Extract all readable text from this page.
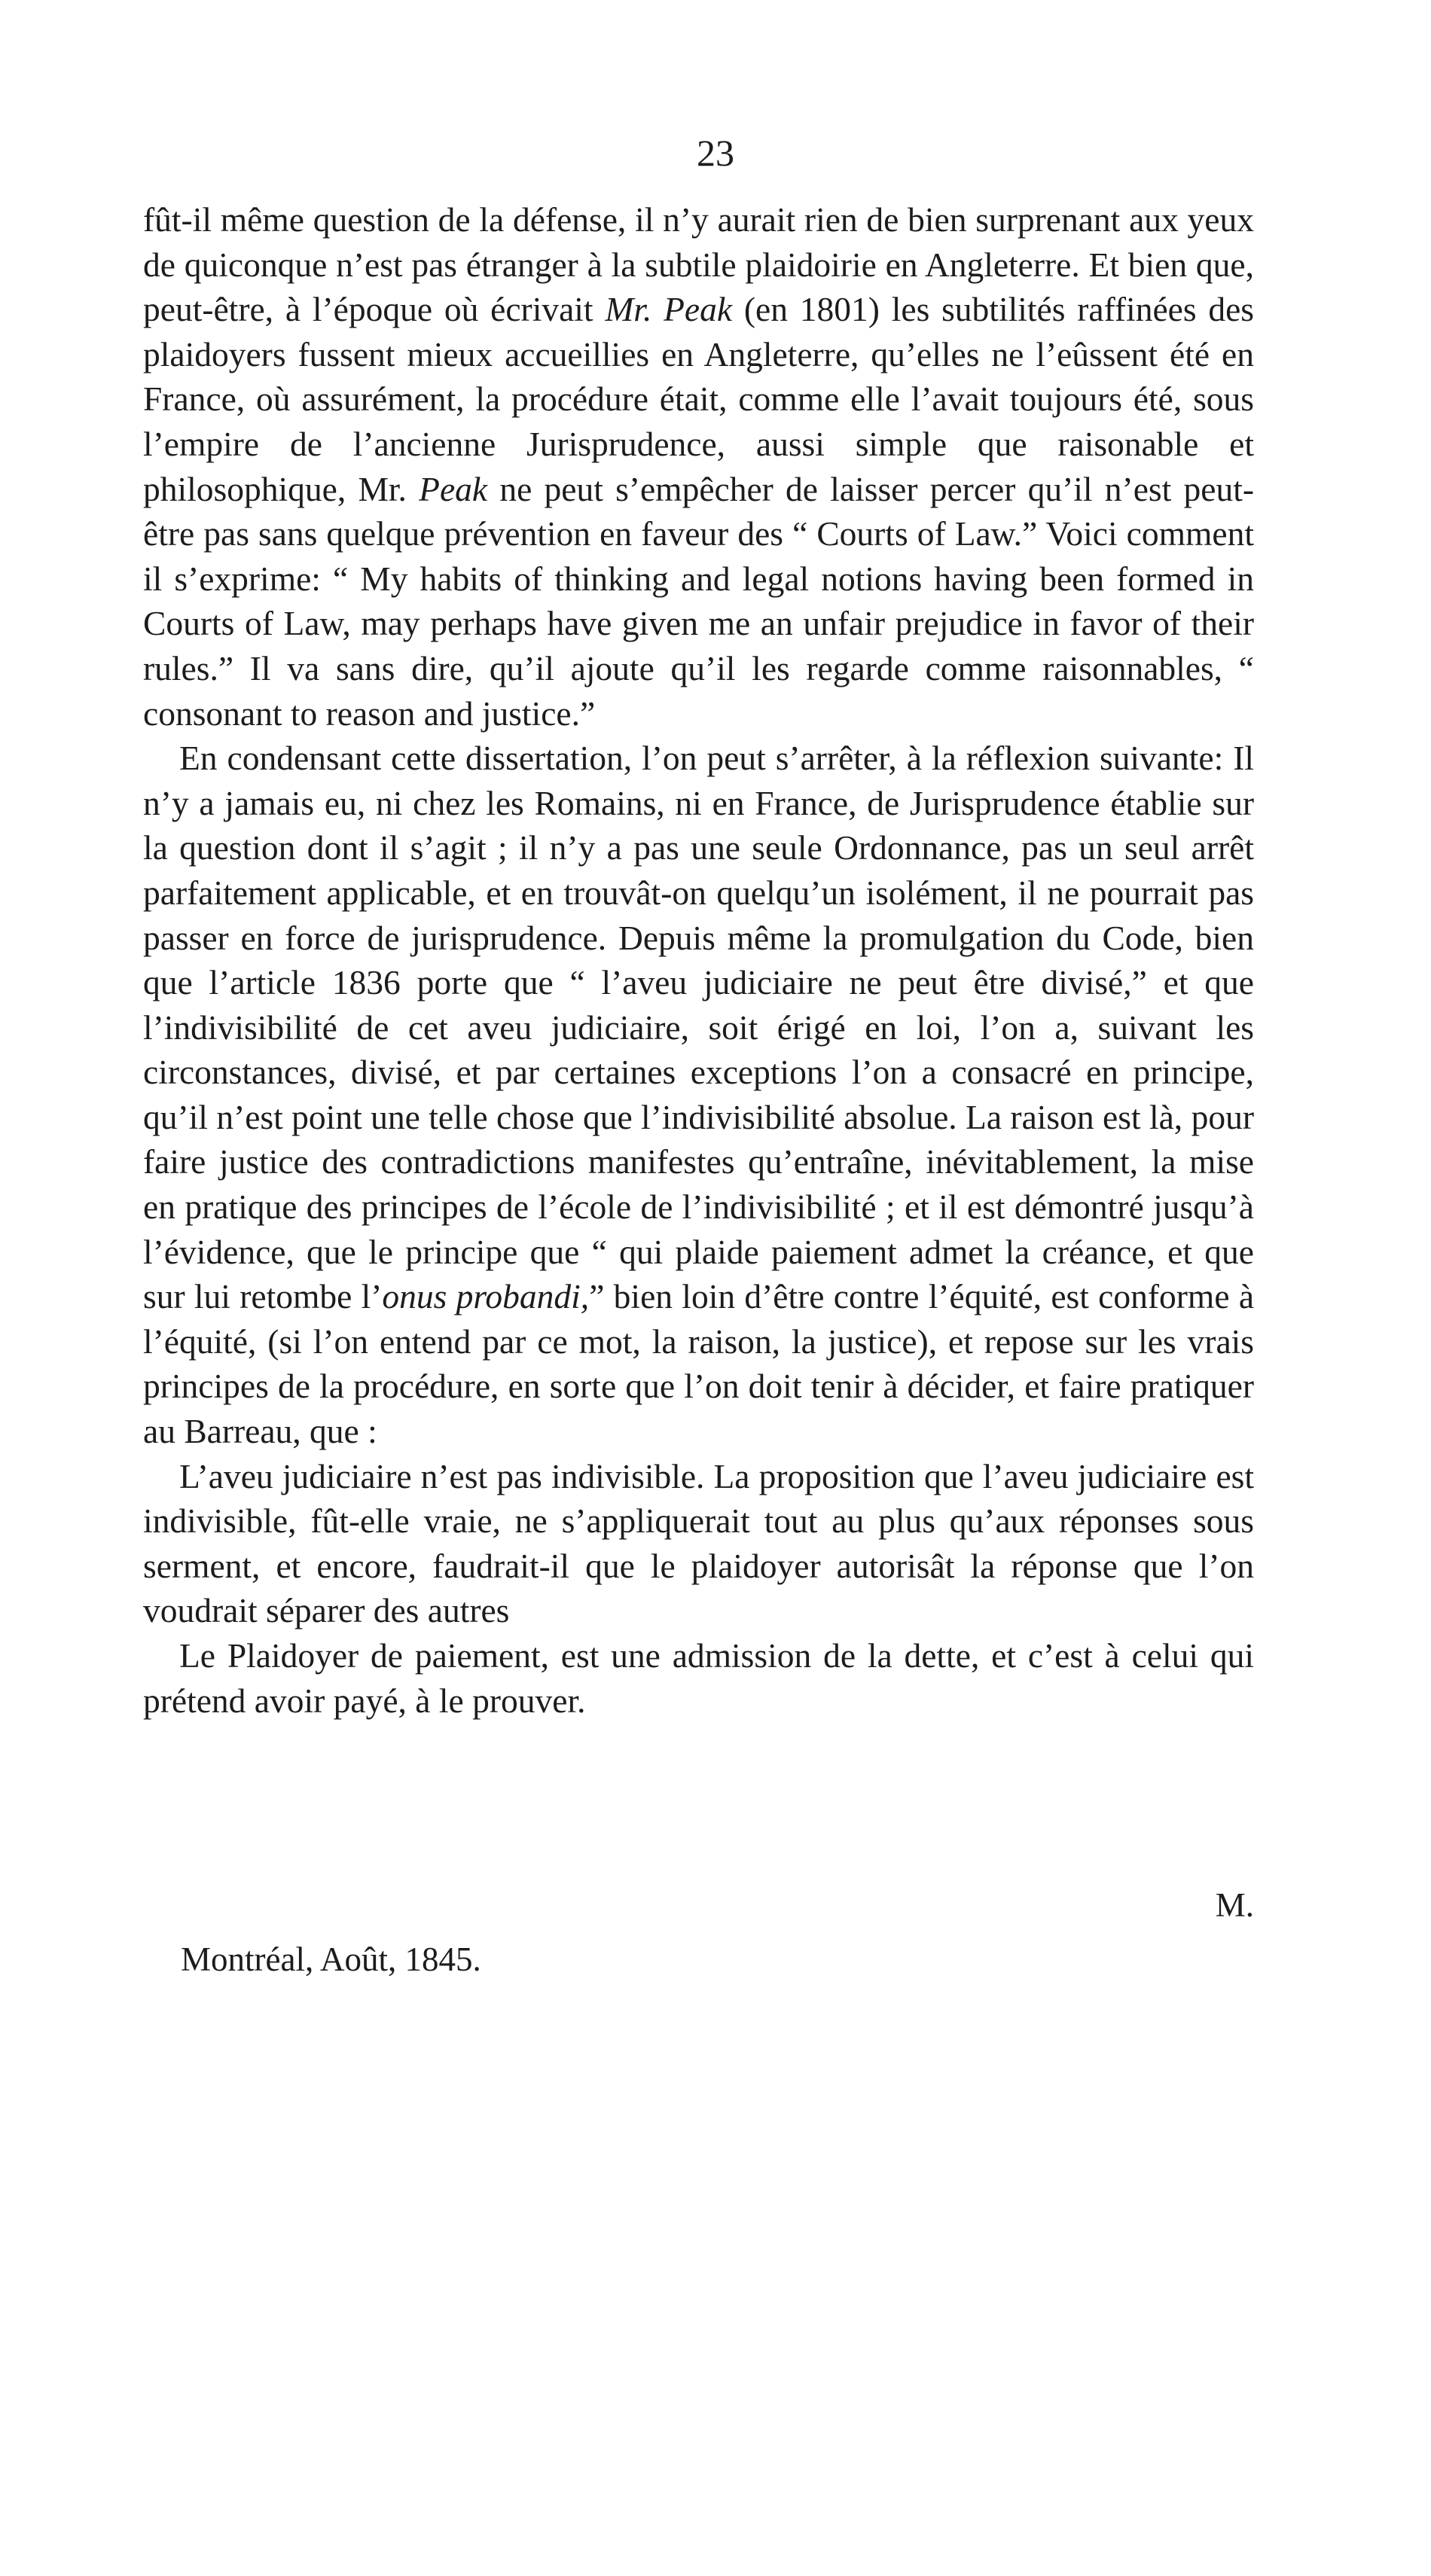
23

fût-il même question de la défense, il n’y aurait rien de bien surprenant aux yeux de quiconque n’est pas étranger à la subtile plaidoirie en Angleterre. Et bien que, peut-être, à l’époque où écrivait Mr. Peak (en 1801) les subtilités raffinées des plaidoyers fussent mieux accueillies en Angleterre, qu’elles ne l’eûssent été en France, où assurément, la procédure était, comme elle l’avait toujours été, sous l’empire de l’ancienne Jurisprudence, aussi simple que raisonable et philosophique, Mr. Peak ne peut s’empêcher de laisser percer qu’il n’est peut-être pas sans quelque prévention en faveur des “ Courts of Law.” Voici comment il s’exprime: “ My habits of thinking and legal notions having been formed in Courts of Law, may perhaps have given me an unfair prejudice in favor of their rules.” Il va sans dire, qu’il ajoute qu’il les regarde comme raisonnables, “ consonant to reason and justice.”

En condensant cette dissertation, l’on peut s’arrêter, à la réflexion suivante: Il n’y a jamais eu, ni chez les Romains, ni en France, de Jurisprudence établie sur la question dont il s’agit ; il n’y a pas une seule Ordonnance, pas un seul arrêt parfaitement applicable, et en trouvât-on quelqu’un isolément, il ne pourrait pas passer en force de jurisprudence. Depuis même la promulgation du Code, bien que l’article 1836 porte que “ l’aveu judiciaire ne peut être divisé,” et que l’indivisibilité de cet aveu judiciaire, soit érigé en loi, l’on a, suivant les circonstances, divisé, et par certaines exceptions l’on a consacré en principe, qu’il n’est point une telle chose que l’indivisibilité absolue. La raison est là, pour faire justice des contradictions manifestes qu’entraîne, inévitablement, la mise en pratique des principes de l’école de l’indivisibilité ; et il est démontré jusqu’à l’évidence, que le principe que “ qui plaide paiement admet la créance, et que sur lui retombe l’onus probandi,” bien loin d’être contre l’équité, est conforme à l’équité, (si l’on entend par ce mot, la raison, la justice), et repose sur les vrais principes de la procédure, en sorte que l’on doit tenir à décider, et faire pratiquer au Barreau, que :

L’aveu judiciaire n’est pas indivisible. La proposition que l’aveu judiciaire est indivisible, fût-elle vraie, ne s’appliquerait tout au plus qu’aux réponses sous serment, et encore, faudrait-il que le plaidoyer autorisât la réponse que l’on voudrait séparer des autres

Le Plaidoyer de paiement, est une admission de la dette, et c’est à celui qui prétend avoir payé, à le prouver.

M.
Montréal, Août, 1845.
